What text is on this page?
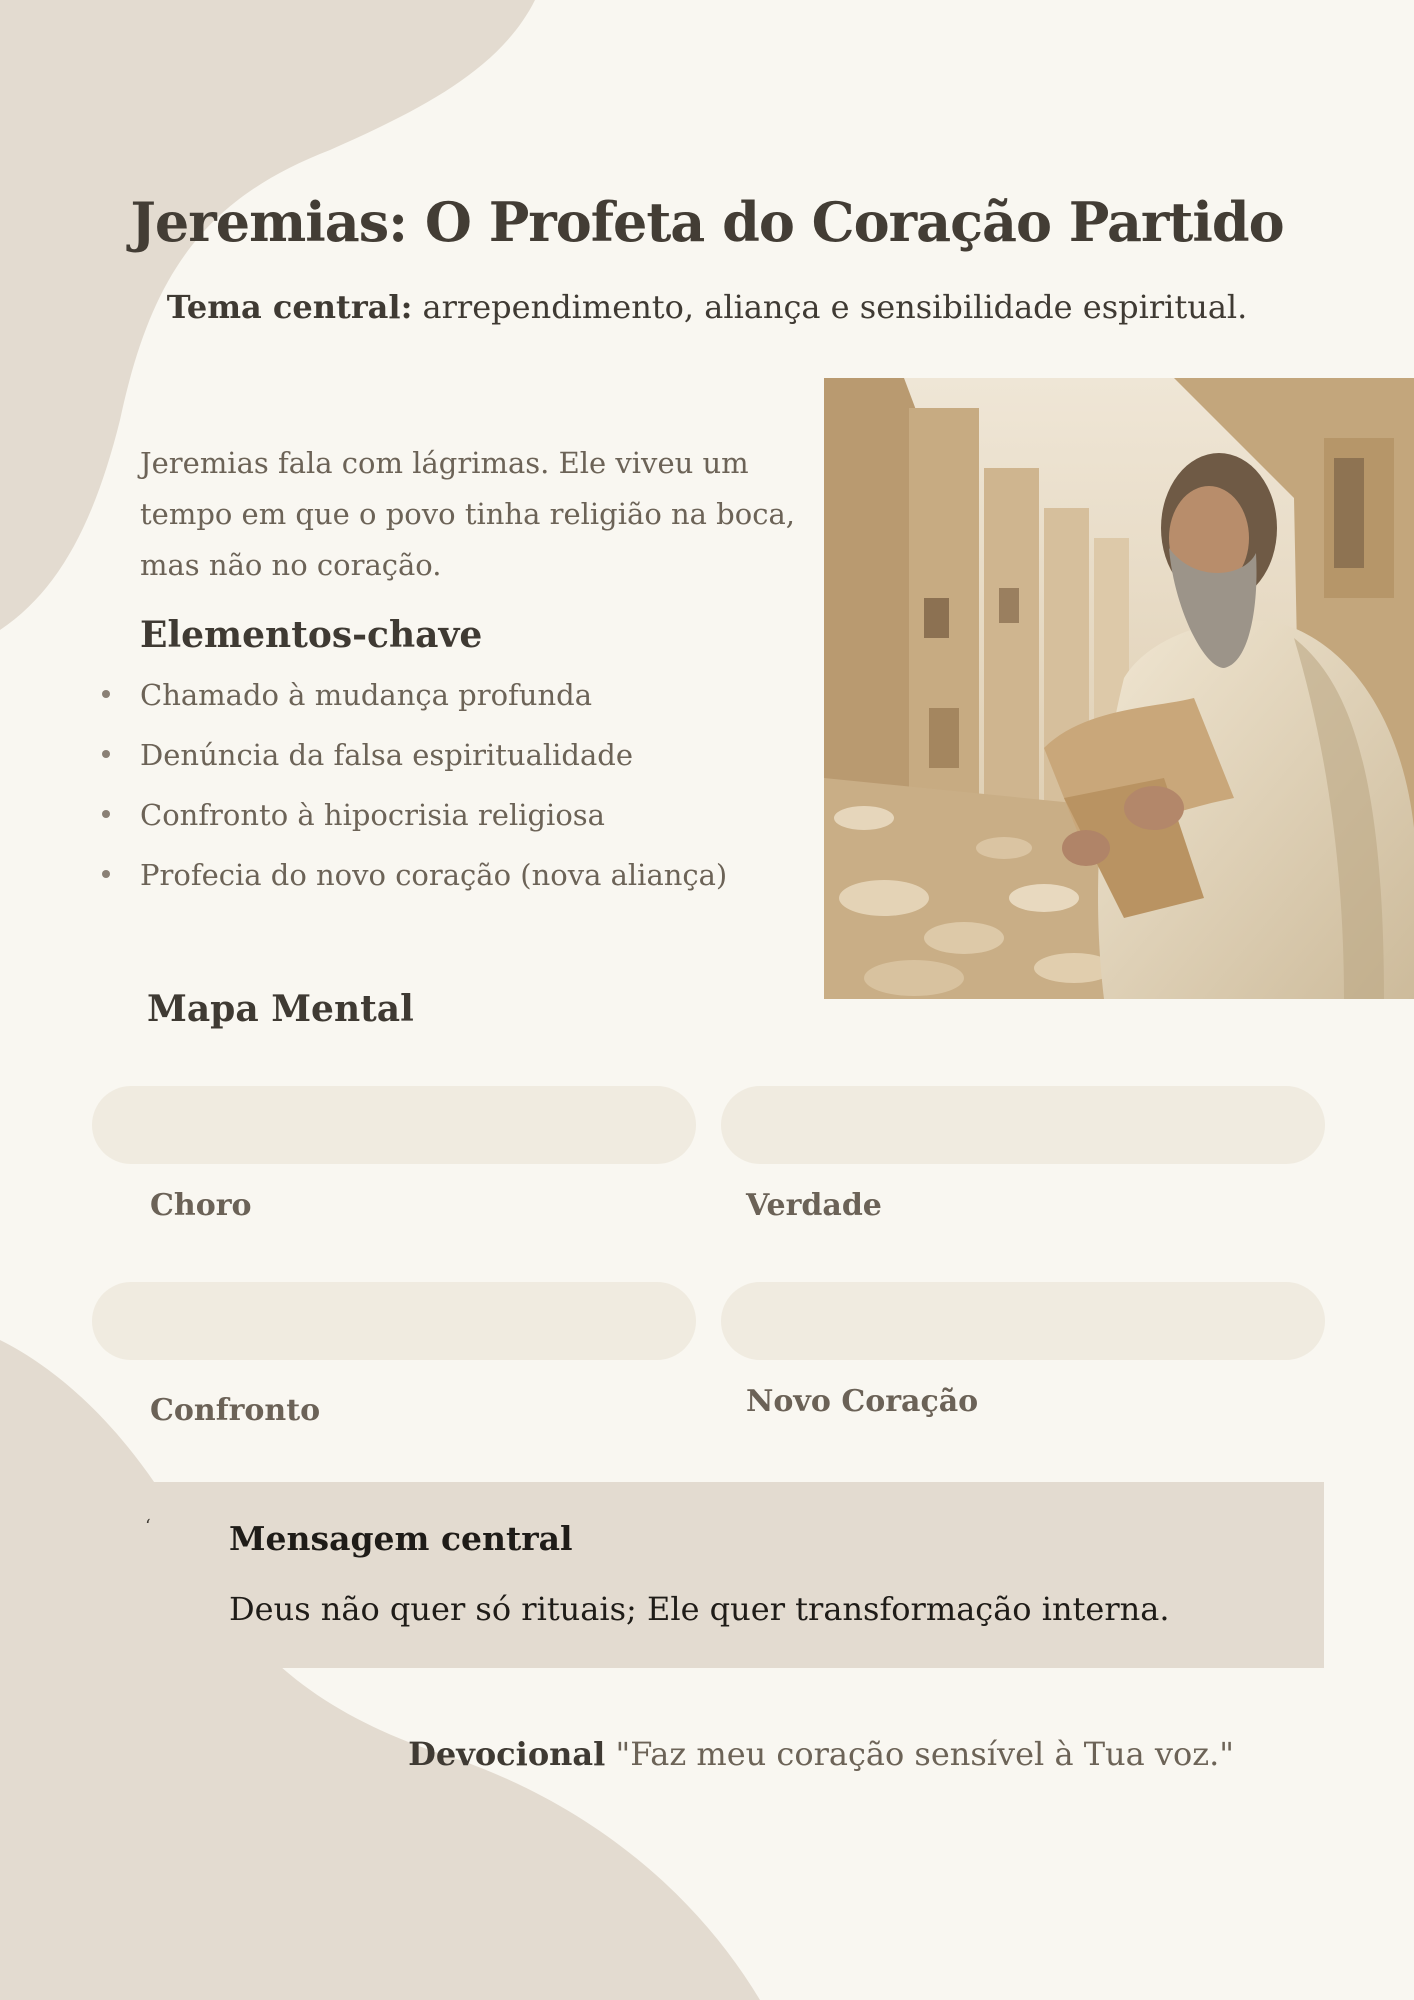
Jeremias: O Profeta do Coração Partido
Tema central: arrependimento, aliança e sensibilidade espiritual.
Jeremias fala com lágrimas. Ele viveu um
tempo em que o povo tinha religião na boca,
mas não no coração.
Elementos-chave
Chamado à mudança profunda
Denúncia da falsa espiritualidade
Confronto à hipocrisia religiosa
Profecia do novo coração (nova aliança)
Mapa Mental
Choro	Verdade
Confronto	Novo Coração
ʻ Mensagem central
Deus não quer só rituais; Ele quer transformação interna.
Devocional "Faz meu coração sensível à Tua voz."
